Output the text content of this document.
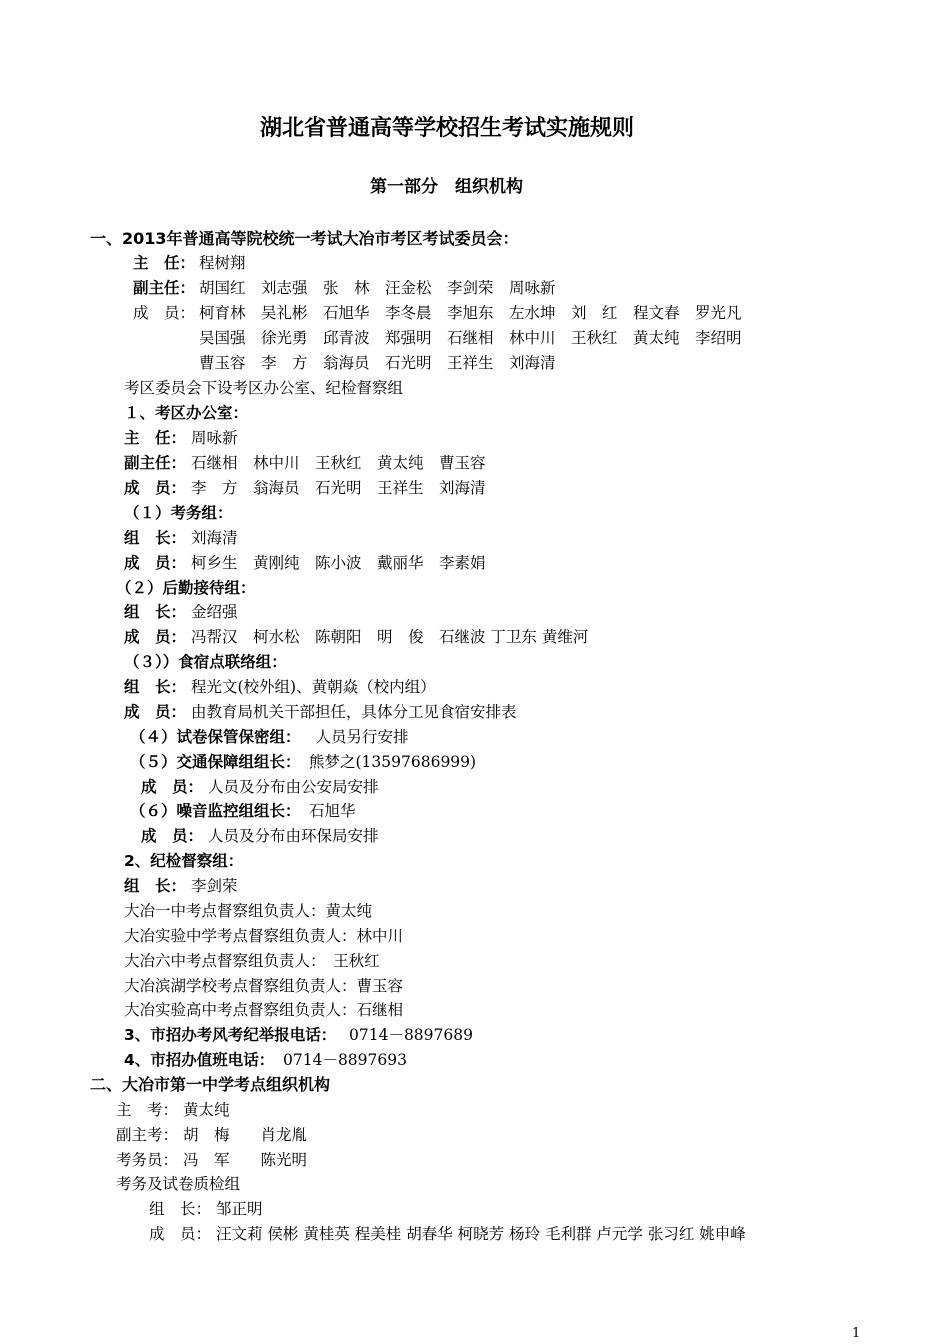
湖北省普通高等学校招生考试实施规则
第一部分　组织机构
一、2013年普通高等院校统一考试大冶市考区考试委员会：
主　任： 程树翔
副主任： 胡国红　刘志强　张　林　汪金松　李剑荣　周咏新
成　员： 柯育林　吴礼彬　石旭华　李冬晨　李旭东　左水坤　刘　红　程文春　罗光凡
吴国强　徐光勇　邱青波　郑强明　石继相　林中川　王秋红　黄太纯　李绍明
曹玉容　李　方　翁海员　石光明　王祥生　刘海清
考区委员会下设考区办公室、纪检督察组
１、考区办公室：
主　任： 周咏新
副主任： 石继相　林中川　王秋红　黄太纯　曹玉容
成　员： 李　方　翁海员　石光明　王祥生　刘海清
（１）考务组：
组　长： 刘海清
成　员： 柯乡生　黄刚纯　陈小波　戴丽华　李素娟
（２）后勤接待组：
组　长： 金绍强
成　员： 冯帮汉　柯水松　陈朝阳　明　俊　石继波 丁卫东 黄维河
（３））食宿点联络组：
组　长： 程光文(校外组)、黄朝焱（校内组）
成　员： 由教育局机关干部担任，具体分工见食宿安排表
（４）试卷保管保密组： 　人员另行安排
（５）交通保障组组长： 熊梦之(13597686999)
成　员： 人员及分布由公安局安排
（６）噪音监控组组长： 石旭华
成　员： 人员及分布由环保局安排
2、纪检督察组：
组　长： 李剑荣
大冶一中考点督察组负责人：黄太纯
大冶实验中学考点督察组负责人：林中川
大冶六中考点督察组负责人：　王秋红
大冶滨湖学校考点督察组负责人：曹玉容
大冶实验高中考点督察组负责人：石继相
3、市招办考风考纪举报电话： 0714－8897689
4、市招办值班电话： 0714－8897693
二、大冶市第一中学考点组织机构
主　考： 黄太纯
副主考： 胡　梅　　肖龙胤
考务员： 冯　军　　陈光明
考务及试卷质检组
组　长： 邹正明
成　员： 汪文莉 侯彬 黄桂英 程美桂 胡春华 柯晓芳 杨玲 毛利群 卢元学 张习红 姚申峰
1
